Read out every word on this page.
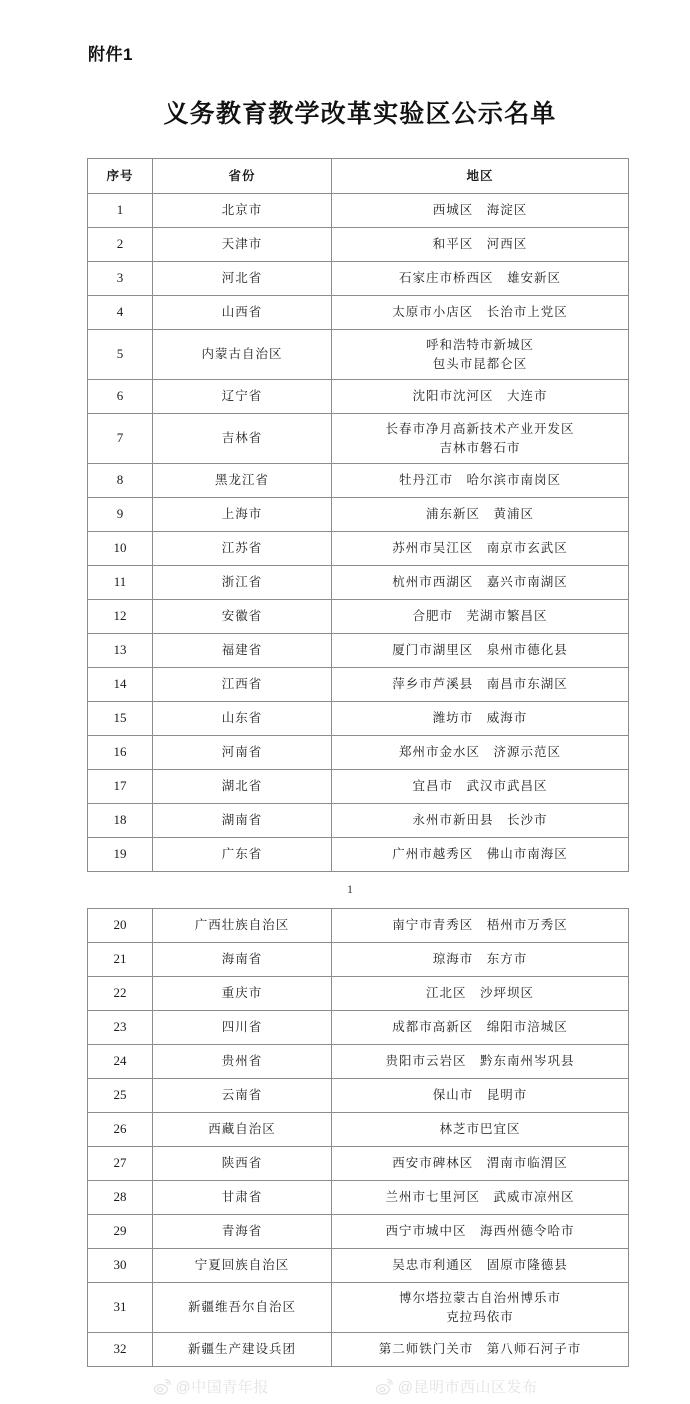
附件1
义务教育教学改革实验区公示名单
序号	省份	地区
1	北京市	西城区　海淀区

2	天津市	和平区　河西区

3	河北省	石家庄市桥西区　雄安新区

4	山西省	太原市小店区　长治市上党区

5	内蒙古自治区	呼和浩特市新城区
包头市昆都仑区

6	辽宁省	沈阳市沈河区　大连市

7	吉林省	长春市净月高新技术产业开发区
吉林市磐石市

8	黑龙江省	牡丹江市　哈尔滨市南岗区

9	上海市	浦东新区　黄浦区

10	江苏省	苏州市吴江区　南京市玄武区

11	浙江省	杭州市西湖区　嘉兴市南湖区

12	安徽省	合肥市　芜湖市繁昌区

13	福建省	厦门市湖里区　泉州市德化县

14	江西省	萍乡市芦溪县　南昌市东湖区

15	山东省	潍坊市　威海市

16	河南省	郑州市金水区　济源示范区

17	湖北省	宜昌市　武汉市武昌区

18	湖南省	永州市新田县　长沙市

19	广东省	广州市越秀区　佛山市南海区
1
20	广西壮族自治区	南宁市青秀区　梧州市万秀区

21	海南省	琼海市　东方市

22	重庆市	江北区　沙坪坝区

23	四川省	成都市高新区　绵阳市涪城区

24	贵州省	贵阳市云岩区　黔东南州岑巩县

25	云南省	保山市　昆明市

26	西藏自治区	林芝市巴宜区

27	陕西省	西安市碑林区　渭南市临渭区

28	甘肃省	兰州市七里河区　武威市凉州区

29	青海省	西宁市城中区　海西州德令哈市

30	宁夏回族自治区	吴忠市利通区　固原市隆德县

31	新疆维吾尔自治区	博尔塔拉蒙古自治州博乐市
克拉玛依市

32	新疆生产建设兵团	第二师铁门关市　第八师石河子市
@中国青年报	@昆明市西山区发布
